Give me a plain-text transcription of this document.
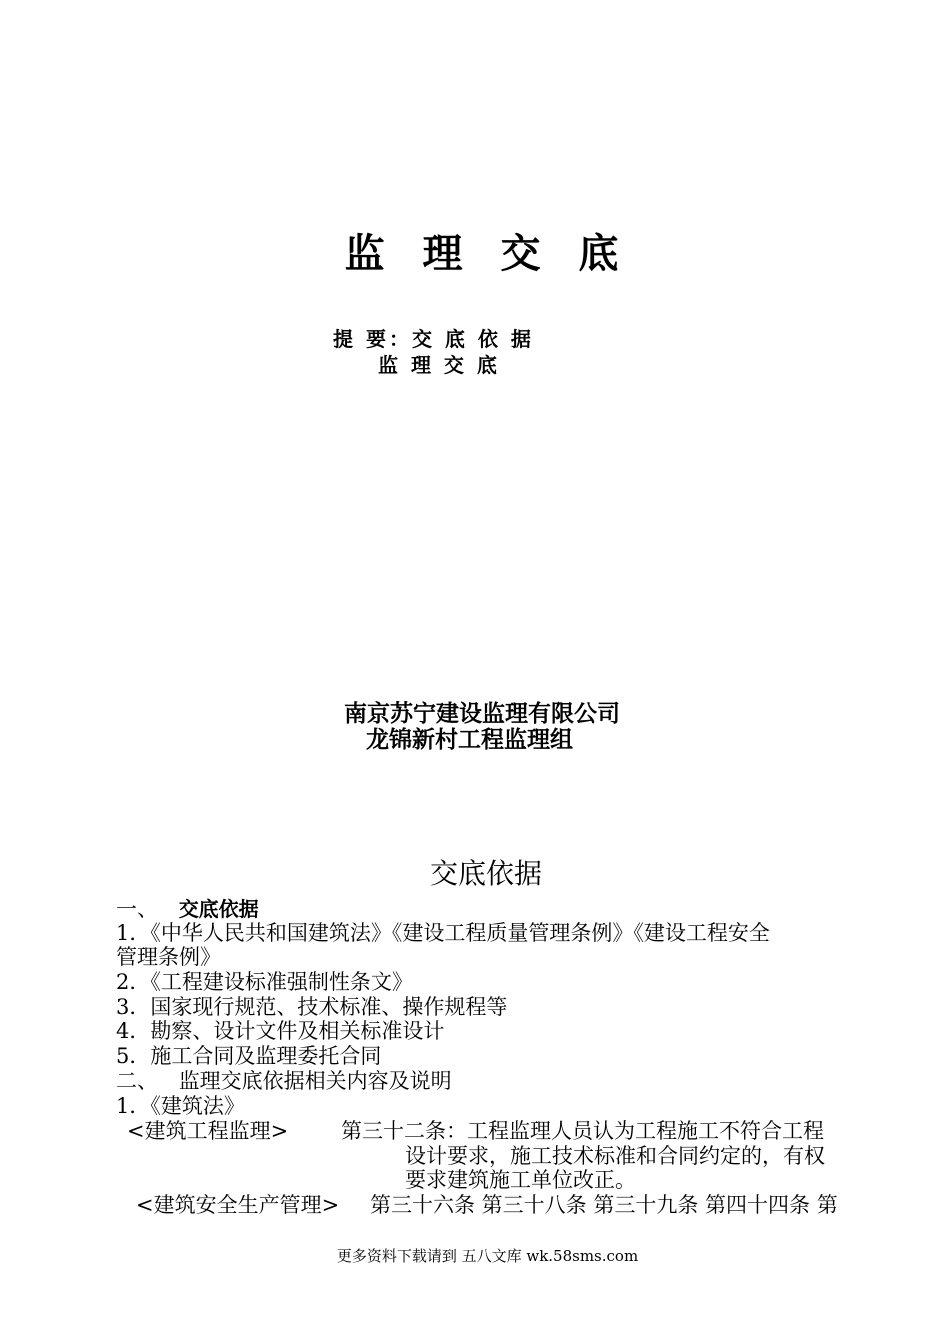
监 理 交 底
提 要：交 底 依 据
监 理 交 底
南京苏宁建设监理有限公司
龙锦新村工程监理组
交底依据
一、 交底依据
1．《中华人民共和国建筑法》《建设工程质量管理条例》《建设工程安全
管理条例》
2．《工程建设标准强制性条文》
3．国家现行规范、技术标准、操作规程等
4．勘察、设计文件及相关标准设计
5．施工合同及监理委托合同
二、 监理交底依据相关内容及说明
1．《建筑法》
<建筑工程监理>	第三十二条：工程监理人员认为工程施工不符合工程
设计要求，施工技术标准和合同约定的，有权
要求建筑施工单位改正。
<建筑安全生产管理> 第三十六条 第三十八条 第三十九条 第四十四条 第
更多资料下载请到 五八文库 wk.58sms.com
